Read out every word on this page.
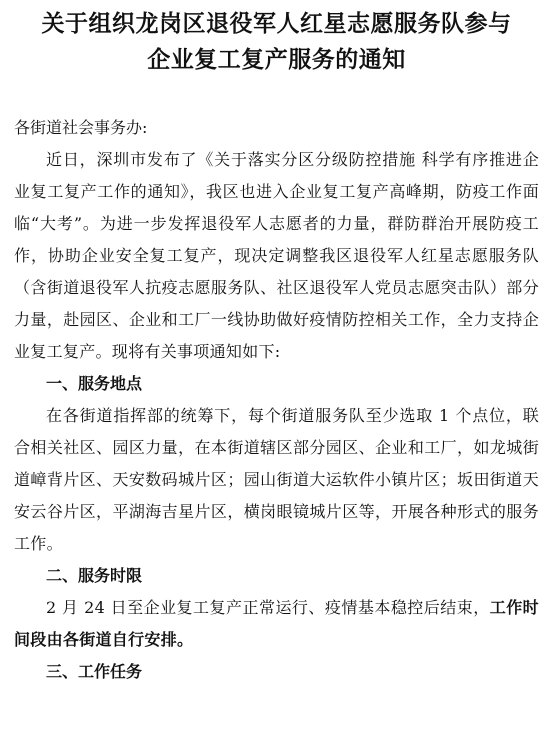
关于组织龙岗区退役军人红星志愿服务队参与
企业复工复产服务的通知
各街道社会事务办:

近日，深圳市发布了《关于落实分区分级防控措施 科学有序推进企业复工复产工作的通知》，我区也进入企业复工复产高峰期，防疫工作面临“大考”。为进一步发挥退役军人志愿者的力量，群防群治开展防疫工作，协助企业安全复工复产，现决定调整我区退役军人红星志愿服务队（含街道退役军人抗疫志愿服务队、社区退役军人党员志愿突击队）部分力量，赴园区、企业和工厂一线协助做好疫情防控相关工作，全力支持企业复工复产。现将有关事项通知如下:

一、服务地点

在各街道指挥部的统筹下，每个街道服务队至少选取 1 个点位，联合相关社区、园区力量，在本街道辖区部分园区、企业和工厂，如龙城街道嶂背片区、天安数码城片区；园山街道大运软件小镇片区；坂田街道天安云谷片区，平湖海吉星片区，横岗眼镜城片区等，开展各种形式的服务工作。

二、服务时限

2 月 24 日至企业复工复产正常运行、疫情基本稳控后结束，工作时间段由各街道自行安排。

三、工作任务
